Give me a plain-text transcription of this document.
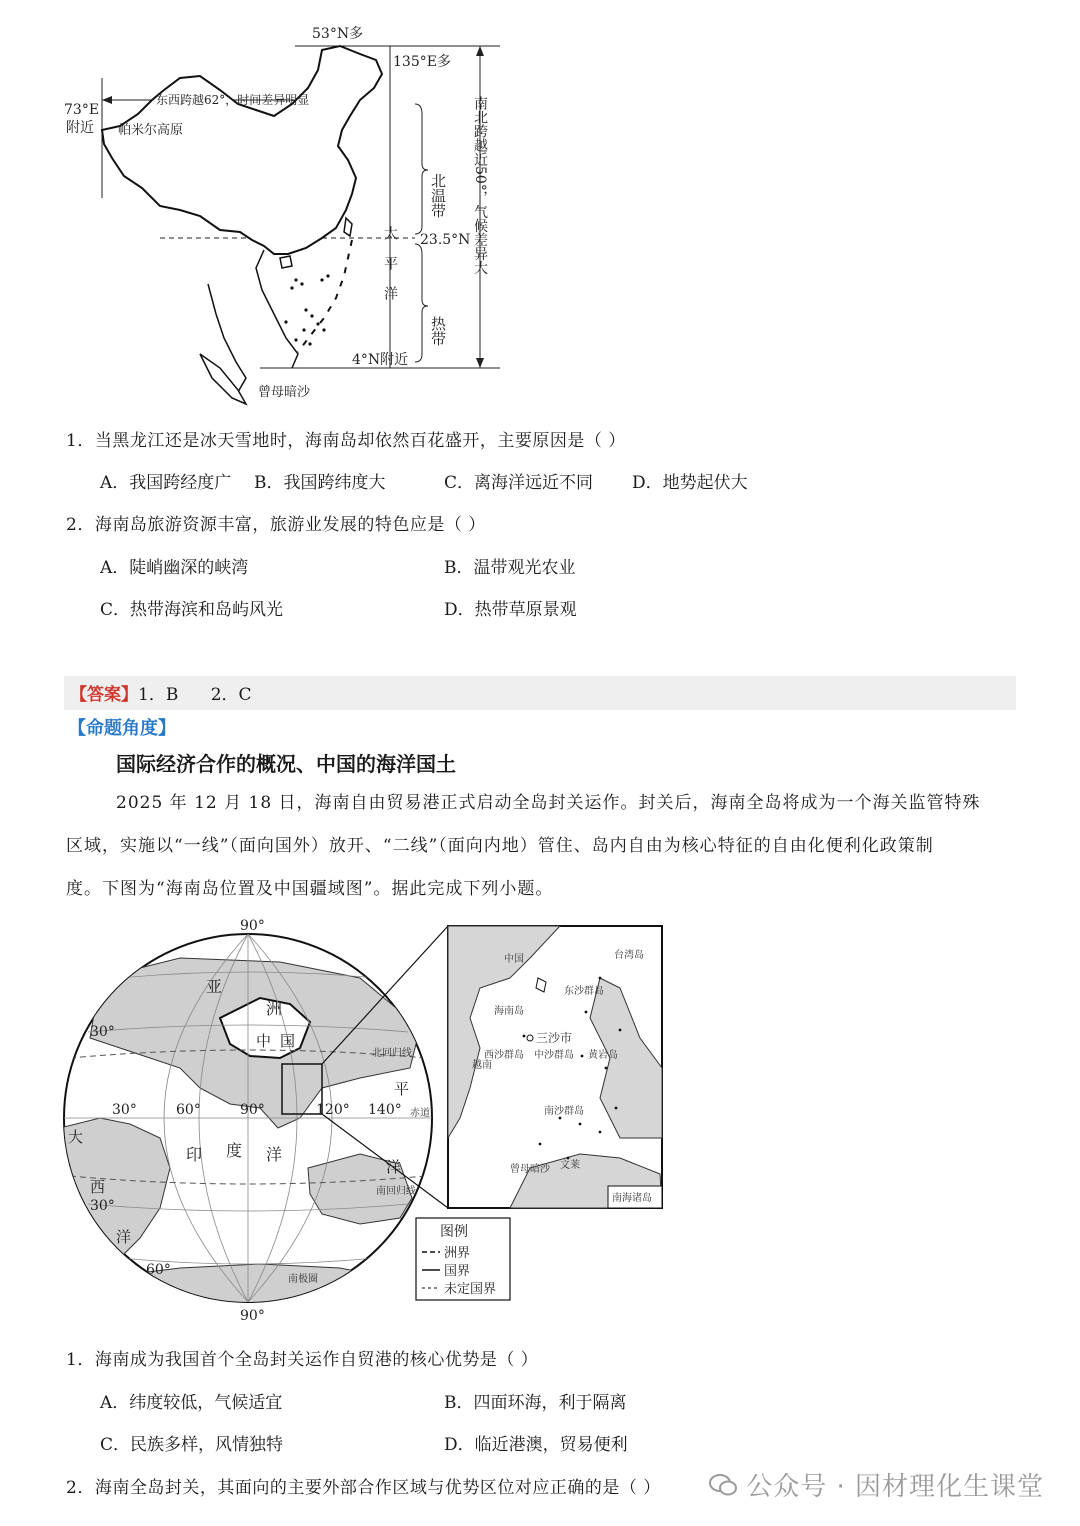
53°N多
135°E多
73°E
附近
东西跨越62°，时间差异明显
帕米尔高原
北温带
太平洋 23.5°N
热带
4°N附近
曾母暗沙
南北跨越近50°，气候差异大
1．当黑龙江还是冰天雪地时，海南岛却依然百花盛开，主要原因是（ ）
A．我国跨经度广 B．我国跨纬度大	C．离海洋远近不同 D．地势起伏大
2．海南岛旅游资源丰富，旅游业发展的特色应是（ ）
A．陡峭幽深的峡湾	B．温带观光农业
C．热带海滨和岛屿风光	D．热带草原景观
【答案】1．B      2．C
【命题角度】
国际经济合作的概况、中国的海洋国土
2025 年 12 月 18 日，海南自由贸易港正式启动全岛封关运作。封关后，海南全岛将成为一个海关监管特殊
区域，实施以“一线”（面向国外）放开、“二线”（面向内地）管住、岛内自由为核心特征的自由化便利化政策制
度。下图为“海南岛位置及中国疆域图”。据此完成下列小题。
90°
90°
30°
30°
60°
30°	60°	90°	120° 140°
亚
洲
中 国
印 度 洋
平
洋
大
西
洋
北回归线
赤道
南回归线
南极圈
中国	台湾岛
海南岛
东沙群岛
三沙市
西沙群岛 中沙群岛 黄岩岛
南沙群岛
曾母暗沙 文莱
越南
南海诸岛
图例
洲界
国界
未定国界
1．海南成为我国首个全岛封关运作自贸港的核心优势是（ ）
A．纬度较低，气候适宜	B．四面环海，利于隔离
C．民族多样，风情独特	D．临近港澳，贸易便利
2．海南全岛封关，其面向的主要外部合作区域与优势区位对应正确的是（ ）	公众号 · 因材理化生课堂
